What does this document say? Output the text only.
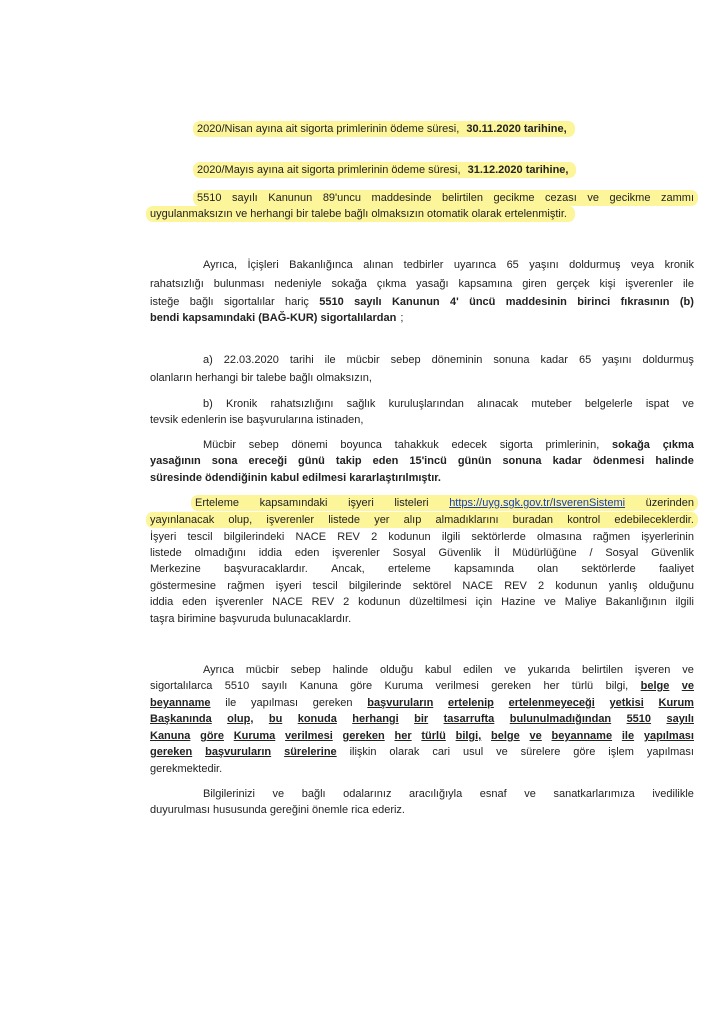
2020/Nisan ayına ait sigorta primlerinin ödeme süresi, 30.11.2020 tarihine,
2020/Mayıs ayına ait sigorta primlerinin ödeme süresi, 31.12.2020 tarihine,
5510 sayılı Kanunun 89'uncu maddesinde belirtilen gecikme cezası ve gecikme zammı
uygulanmaksızın ve herhangi bir talebe bağlı olmaksızın otomatik olarak ertelenmiştir.
Ayrıca, İçişleri Bakanlığınca alınan tedbirler uyarınca 65 yaşını doldurmuş veya kronik
rahatsızlığı bulunması nedeniyle sokağa çıkma yasağı kapsamına giren gerçek kişi işverenler ile
isteğe bağlı sigortalılar hariç 5510 sayılı Kanunun 4' üncü maddesinin birinci fıkrasının (b)
bendi kapsamındaki (BAĞ-KUR) sigortalılardan ;
a) 22.03.2020 tarihi ile mücbir sebep döneminin sonuna kadar 65 yaşını doldurmuş
olanların herhangi bir talebe bağlı olmaksızın,
b) Kronik rahatsızlığını sağlık kuruluşlarından alınacak muteber belgelerle ispat ve
tevsik edenlerin ise başvurularına istinaden,
Mücbir sebep dönemi boyunca tahakkuk edecek sigorta primlerinin, sokağa çıkma
yasağının sona ereceği günü takip eden 15'incü günün sonuna kadar ödenmesi halinde
süresinde ödendiğinin kabul edilmesi kararlaştırılmıştır.
Erteleme kapsamındaki işyeri listeleri https://uyg.sgk.gov.tr/IsverenSistemi üzerinden
yayınlanacak olup, işverenler listede yer alıp almadıklarını buradan kontrol edebileceklerdir.
İşyeri tescil bilgilerindeki NACE REV 2 kodunun ilgili sektörlerde olmasına rağmen işyerlerinin
listede olmadığını iddia eden işverenler Sosyal Güvenlik İl Müdürlüğüne / Sosyal Güvenlik
Merkezine başvuracaklardır. Ancak, erteleme kapsamında olan sektörlerde faaliyet
göstermesine rağmen işyeri tescil bilgilerinde sektörel NACE REV 2 kodunun yanlış olduğunu
iddia eden işverenler NACE REV 2 kodunun düzeltilmesi için Hazine ve Maliye Bakanlığının ilgili
taşra birimine başvuruda bulunacaklardır.
Ayrıca mücbir sebep halinde olduğu kabul edilen ve yukarıda belirtilen işveren ve
sigortalılarca 5510 sayılı Kanuna göre Kuruma verilmesi gereken her türlü bilgi, belge ve
beyanname ile yapılması gereken başvuruların ertelenip ertelenmeyeceği yetkisi Kurum
Başkanında olup, bu konuda herhangi bir tasarrufta bulunulmadığından 5510 sayılı
Kanuna göre Kuruma verilmesi gereken her türlü bilgi, belge ve beyanname ile yapılması
gereken başvuruların sürelerine ilişkin olarak cari usul ve sürelere göre işlem yapılması
gerekmektedir.
Bilgilerinizi ve bağlı odalarınız aracılığıyla esnaf ve sanatkarlarımıza ivedilikle
duyurulması hususunda gereğini önemle rica ederiz.
